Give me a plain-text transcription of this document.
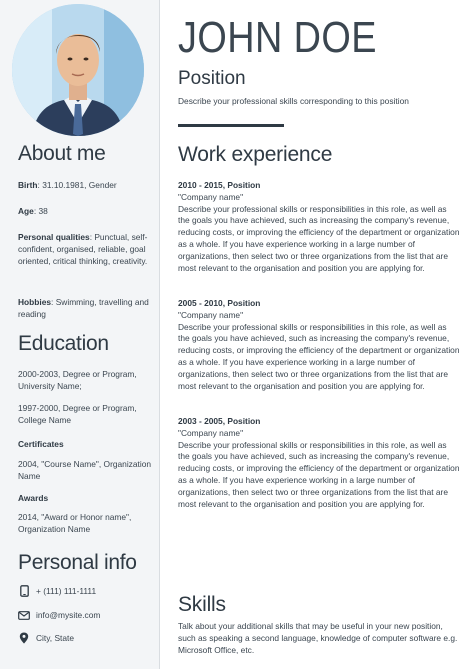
About me
Birth: 31.10.1981, Gender
Age: 38
Personal qualities: Punctual, self-confident, organised, reliable, goal oriented, critical thinking, creativity.
Hobbies: Swimming, travelling and reading
Education
2000-2003, Degree or Program, University Name;
1997-2000, Degree or Program, College Name
Certificates
2004, "Course Name", Organization Name
Awards
2014, "Award or Honor name", Organization Name
Personal info
+ (111) 111-1111
info@mysite.com
City, State
JOHN DOE
Position
Describe your professional skills corresponding to this position
Work experience
2010 - 2015, Position
"Company name"
Describe your professional skills or responsibilities in this role, as well as the goals you have achieved, such as increasing the company's revenue, reducing costs, or improving the efficiency of the department or organization as a whole. If you have experience working in a large number of organizations, then select two or three organizations from the list that are most relevant to the organisation and position you are applying for.
2005 - 2010, Position
"Company name"
Describe your professional skills or responsibilities in this role, as well as the goals you have achieved, such as increasing the company's revenue, reducing costs, or improving the efficiency of the department or organization as a whole. If you have experience working in a large number of organizations, then select two or three organizations from the list that are most relevant to the organisation and position you are applying for.
2003 - 2005, Position
"Company name"
Describe your professional skills or responsibilities in this role, as well as the goals you have achieved, such as increasing the company's revenue, reducing costs, or improving the efficiency of the department or organization as a whole. If you have experience working in a large number of organizations, then select two or three organizations from the list that are most relevant to the organisation and position you are applying for.
Skills
Talk about your additional skills that may be useful in your new position, such as speaking a second language, knowledge of computer software e.g. Microsoft Office, etc.
